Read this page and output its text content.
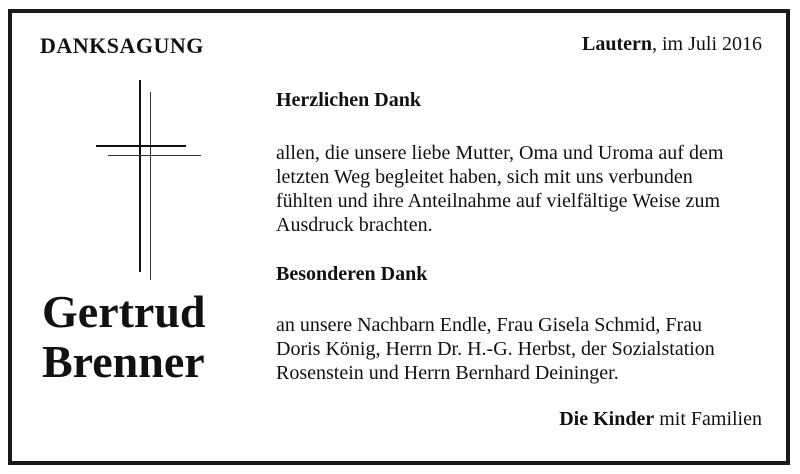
DANKSAGUNG	Lautern, im Juli 2016

Gertrud
Brenner

Herzlichen Dank

allen, die unsere liebe Mutter, Oma und Uroma auf dem
letzten Weg begleitet haben, sich mit uns verbunden
fühlten und ihre Anteilnahme auf vielfältige Weise zum
Ausdruck brachten.

Besonderen Dank

an unsere Nachbarn Endle, Frau Gisela Schmid, Frau
Doris König, Herrn Dr. H.-G. Herbst, der Sozialstation
Rosenstein und Herrn Bernhard Deininger.

Die Kinder mit Familien
